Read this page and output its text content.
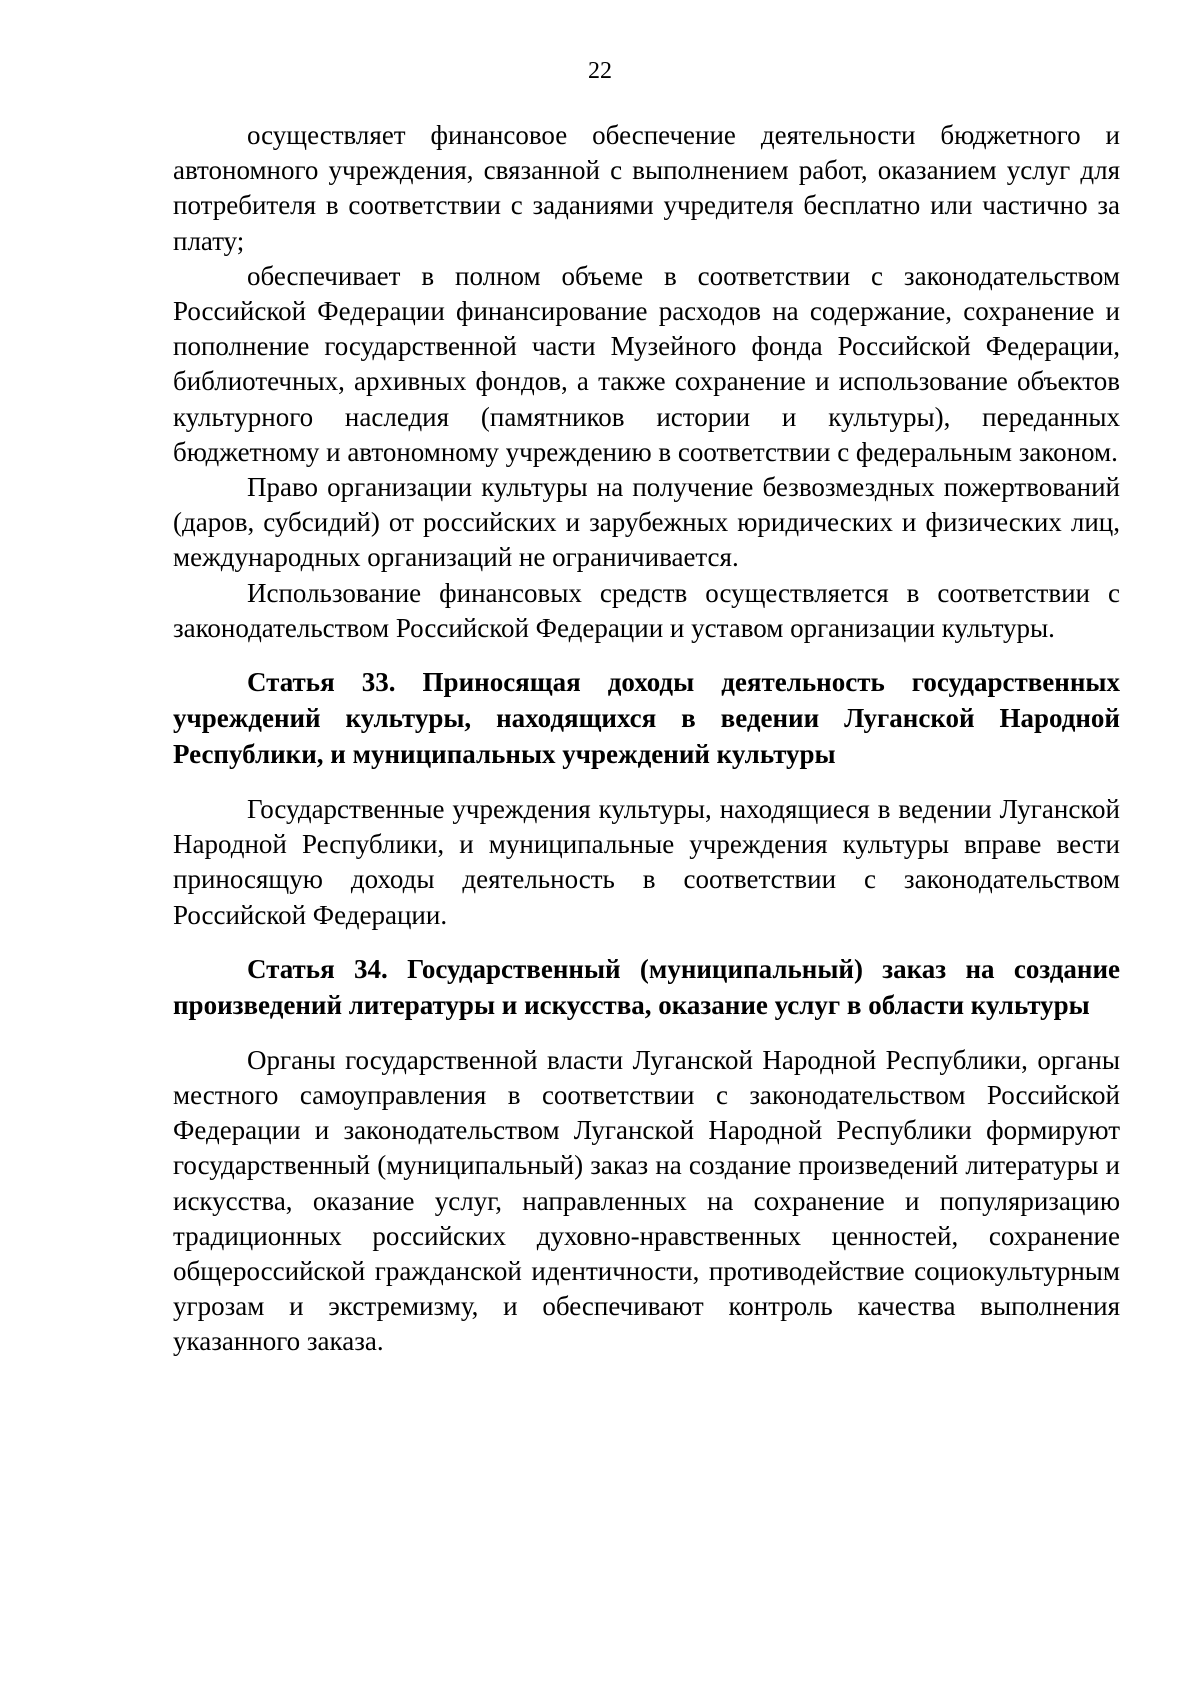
22

осуществляет финансовое обеспечение деятельности бюджетного и автономного учреждения, связанной с выполнением работ, оказанием услуг для потребителя в соответствии с заданиями учредителя бесплатно или частично за плату;

обеспечивает в полном объеме в соответствии с законодательством Российской Федерации финансирование расходов на содержание, сохранение и пополнение государственной части Музейного фонда Российской Федерации, библиотечных, архивных фондов, а также сохранение и использование объектов культурного наследия (памятников истории и культуры), переданных бюджетному и автономному учреждению в соответствии с федеральным законом.

Право организации культуры на получение безвозмездных пожертвований (даров, субсидий) от российских и зарубежных юридических и физических лиц, международных организаций не ограничивается.

Использование финансовых средств осуществляется в соответствии с законодательством Российской Федерации и уставом организации культуры.

Статья 33. Приносящая доходы деятельность государственных учреждений культуры, находящихся в ведении Луганской Народной Республики, и муниципальных учреждений культуры

Государственные учреждения культуры, находящиеся в ведении Луганской Народной Республики, и муниципальные учреждения культуры вправе вести приносящую доходы деятельность в соответствии с законодательством Российской Федерации.

Статья 34. Государственный (муниципальный) заказ на создание произведений литературы и искусства, оказание услуг в области культуры

Органы государственной власти Луганской Народной Республики, органы местного самоуправления в соответствии с законодательством Российской Федерации и законодательством Луганской Народной Республики формируют государственный (муниципальный) заказ на создание произведений литературы и искусства, оказание услуг, направленных на сохранение и популяризацию традиционных российских духовно-нравственных ценностей, сохранение общероссийской гражданской идентичности, противодействие социокультурным угрозам и экстремизму, и обеспечивают контроль качества выполнения указанного заказа.
